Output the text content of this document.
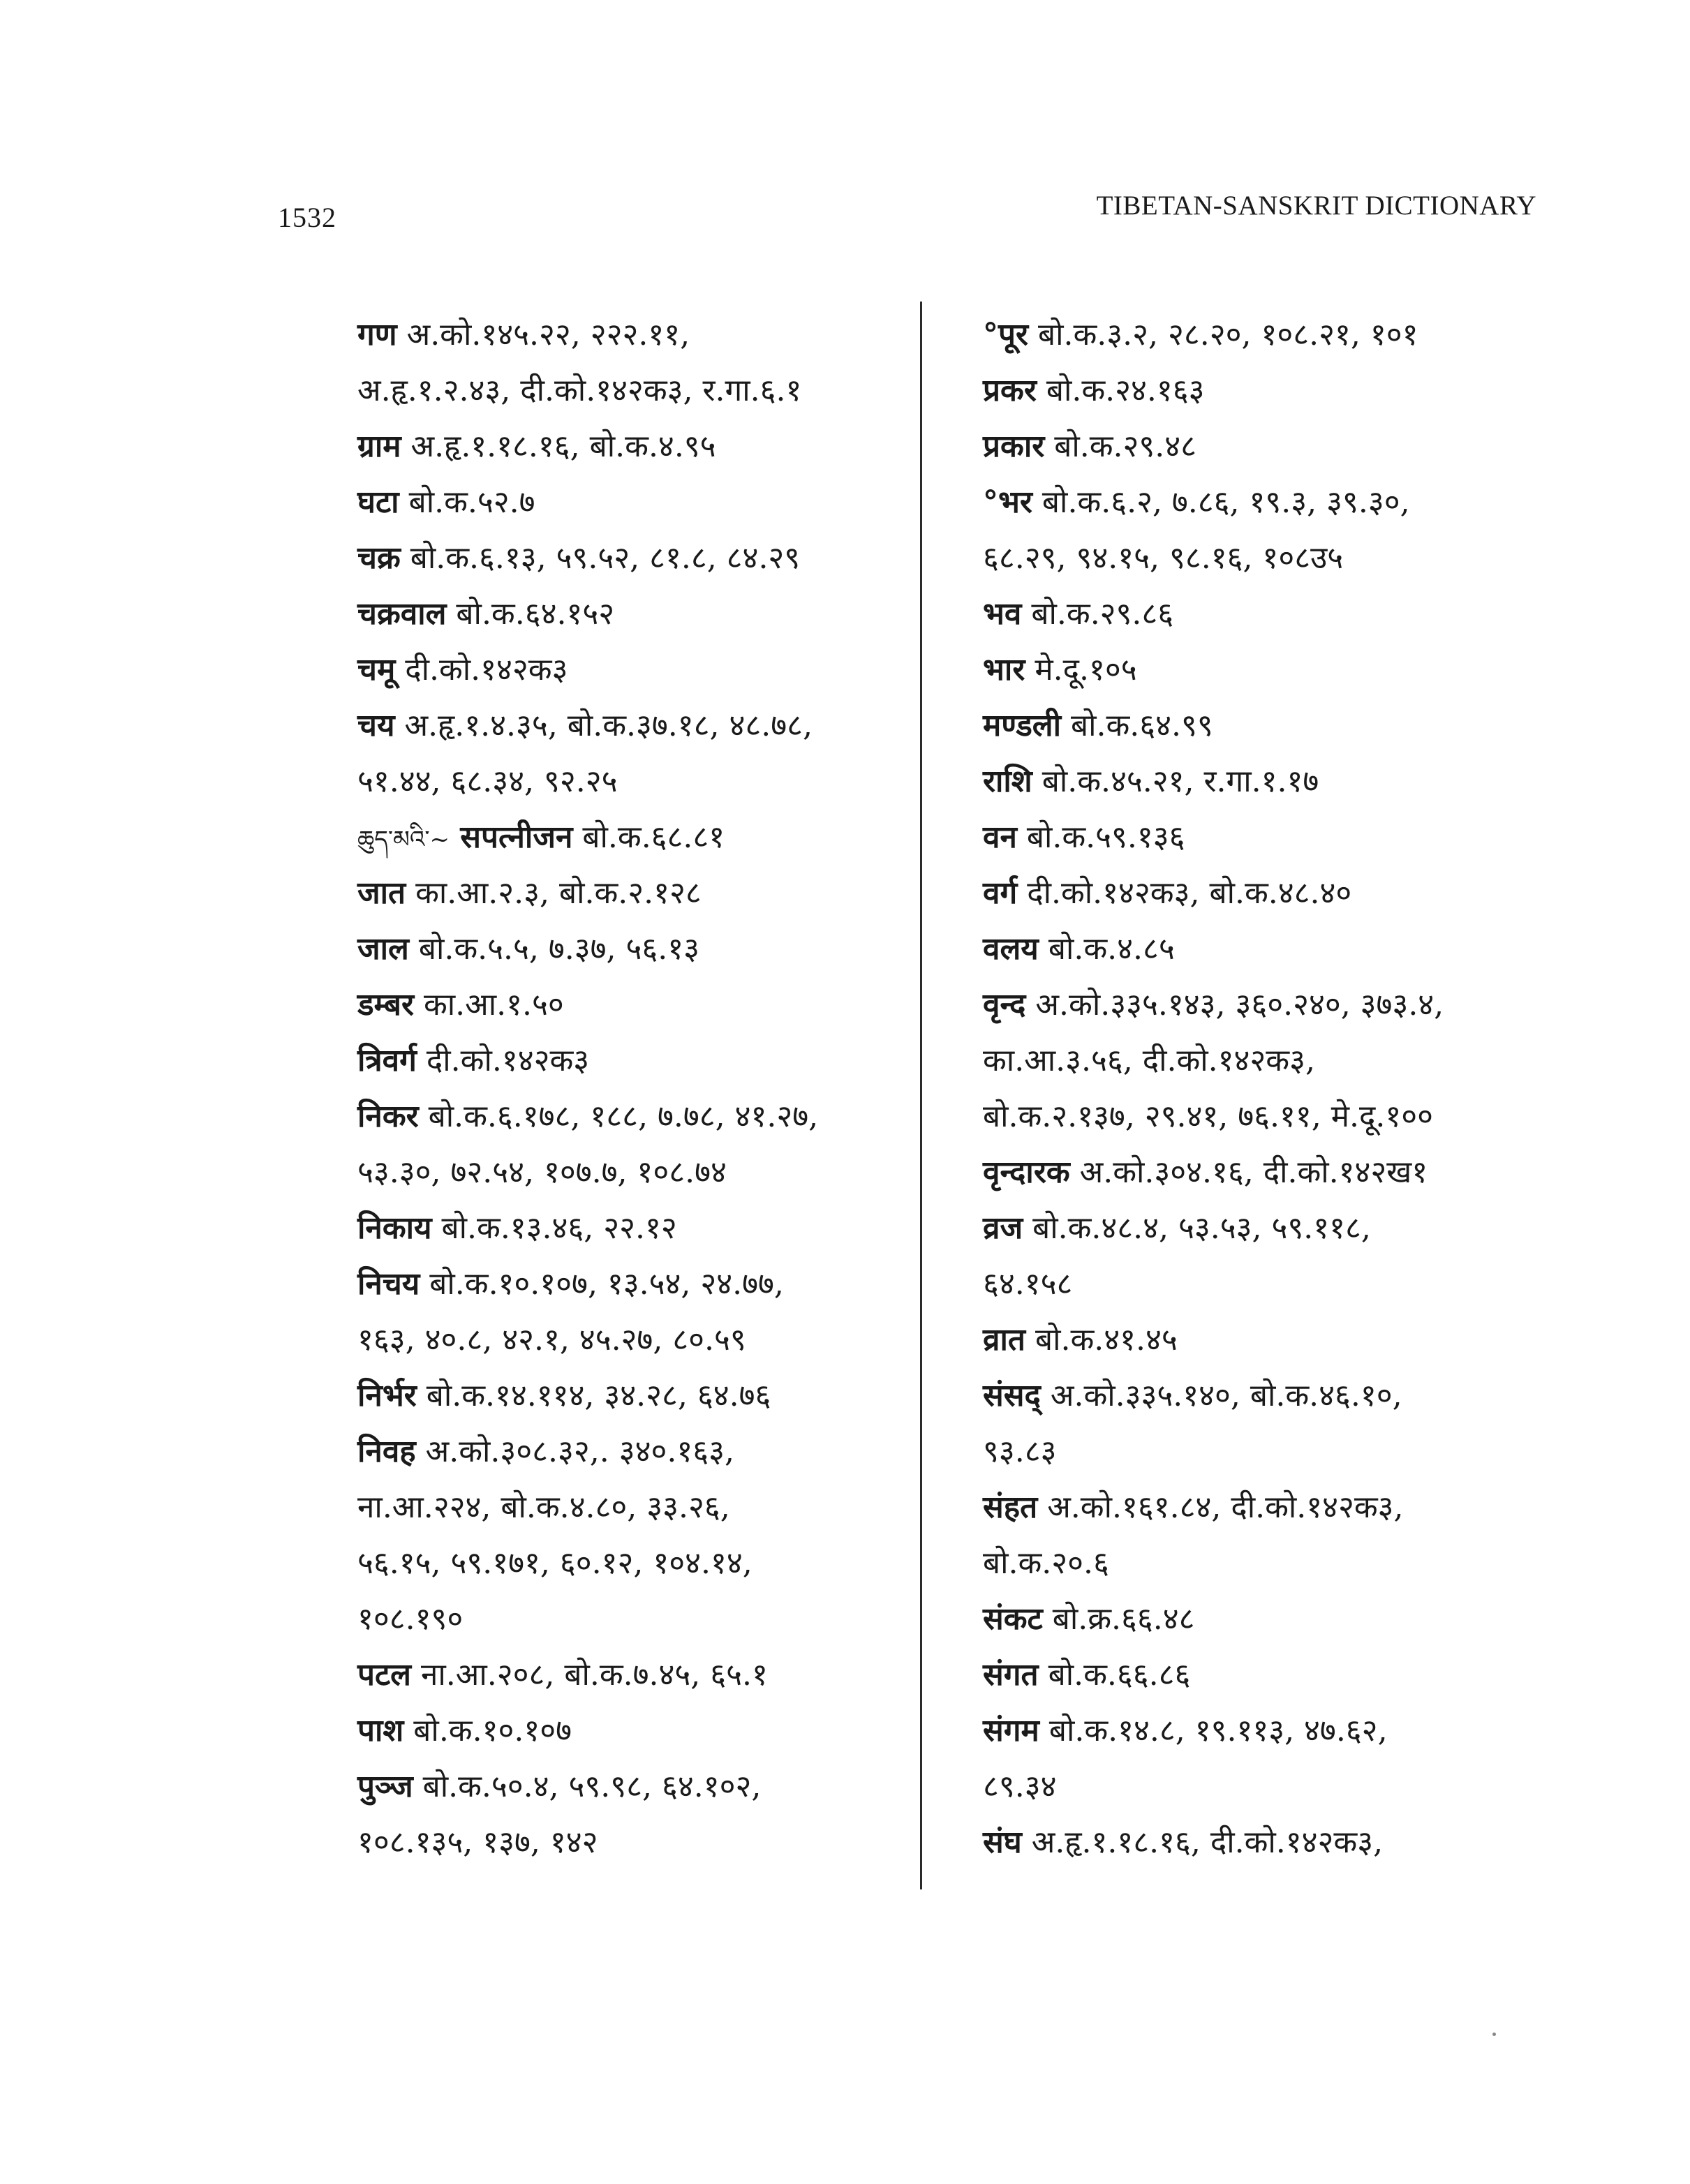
1532	TIBETAN-SANSKRIT DICTIONARY
गण अ.को.१४५.२२, २२२.११,
अ.हृ.१.२.४३, दी.को.१४२क३, र.गा.६.१
ग्राम अ.हृ.१.१८.१६, बो.क.४.९५
घटा बो.क.५२.७
चक्र बो.क.६.१३, ५९.५२, ८१.८, ८४.२९
चक्रवाल बो.क.६४.१५२
चमू दी.को.१४२क३
चय अ.हृ.१.४.३५, बो.क.३७.१८, ४८.७८,
५१.४४, ६८.३४, ९२.२५
ཆུད་མའི་~ सपत्नीजन बो.क.६८.८१
जात का.आ.२.३, बो.क.२.१२८
जाल बो.क.५.५, ७.३७, ५६.१३
डम्बर का.आ.१.५०
त्रिवर्ग दी.को.१४२क३
निकर बो.क.६.१७८, १८८, ७.७८, ४१.२७,
५३.३०, ७२.५४, १०७.७, १०८.७४
निकाय बो.क.१३.४६, २२.१२
निचय बो.क.१०.१०७, १३.५४, २४.७७,
१६३, ४०.८, ४२.१, ४५.२७, ८०.५९
निर्भर बो.क.१४.११४, ३४.२८, ६४.७६
निवह अ.को.३०८.३२,. ३४०.१६३,
ना.आ.२२४, बो.क.४.८०, ३३.२६,
५६.१५, ५९.१७१, ६०.१२, १०४.१४,
१०८.१९०
पटल ना.आ.२०८, बो.क.७.४५, ६५.१
पाश बो.क.१०.१०७
पुञ्ज बो.क.५०.४, ५९.९८, ६४.१०२,
१०८.१३५, १३७, १४२
°पूर बो.क.३.२, २८.२०, १०८.२१, १०१
प्रकर बो.क.२४.१६३
प्रकार बो.क.२९.४८
°भर बो.क.६.२, ७.८६, १९.३, ३९.३०,
६८.२९, ९४.१५, ९८.१६, १०८उ५
भव बो.क.२९.८६
भार मे.दू.१०५
मण्डली बो.क.६४.९९
राशि बो.क.४५.२१, र.गा.१.१७
वन बो.क.५९.१३६
वर्ग दी.को.१४२क३, बो.क.४८.४०
वलय बो.क.४.८५
वृन्द अ.को.३३५.१४३, ३६०.२४०, ३७३.४,
का.आ.३.५६, दी.को.१४२क३,
बो.क.२.१३७, २९.४१, ७६.११, मे.दू.१००
वृन्दारक अ.को.३०४.१६, दी.को.१४२ख१
व्रज बो.क.४८.४, ५३.५३, ५९.११८,
६४.१५८
व्रात बो.क.४१.४५
संसद् अ.को.३३५.१४०, बो.क.४६.१०,
९३.८३
संहत अ.को.१६१.८४, दी.को.१४२क३,
बो.क.२०.६
संकट बो.क्र.६६.४८
संगत बो.क.६६.८६
संगम बो.क.१४.८, १९.११३, ४७.६२,
८९.३४
संघ अ.हृ.१.१८.१६, दी.को.१४२क३,
